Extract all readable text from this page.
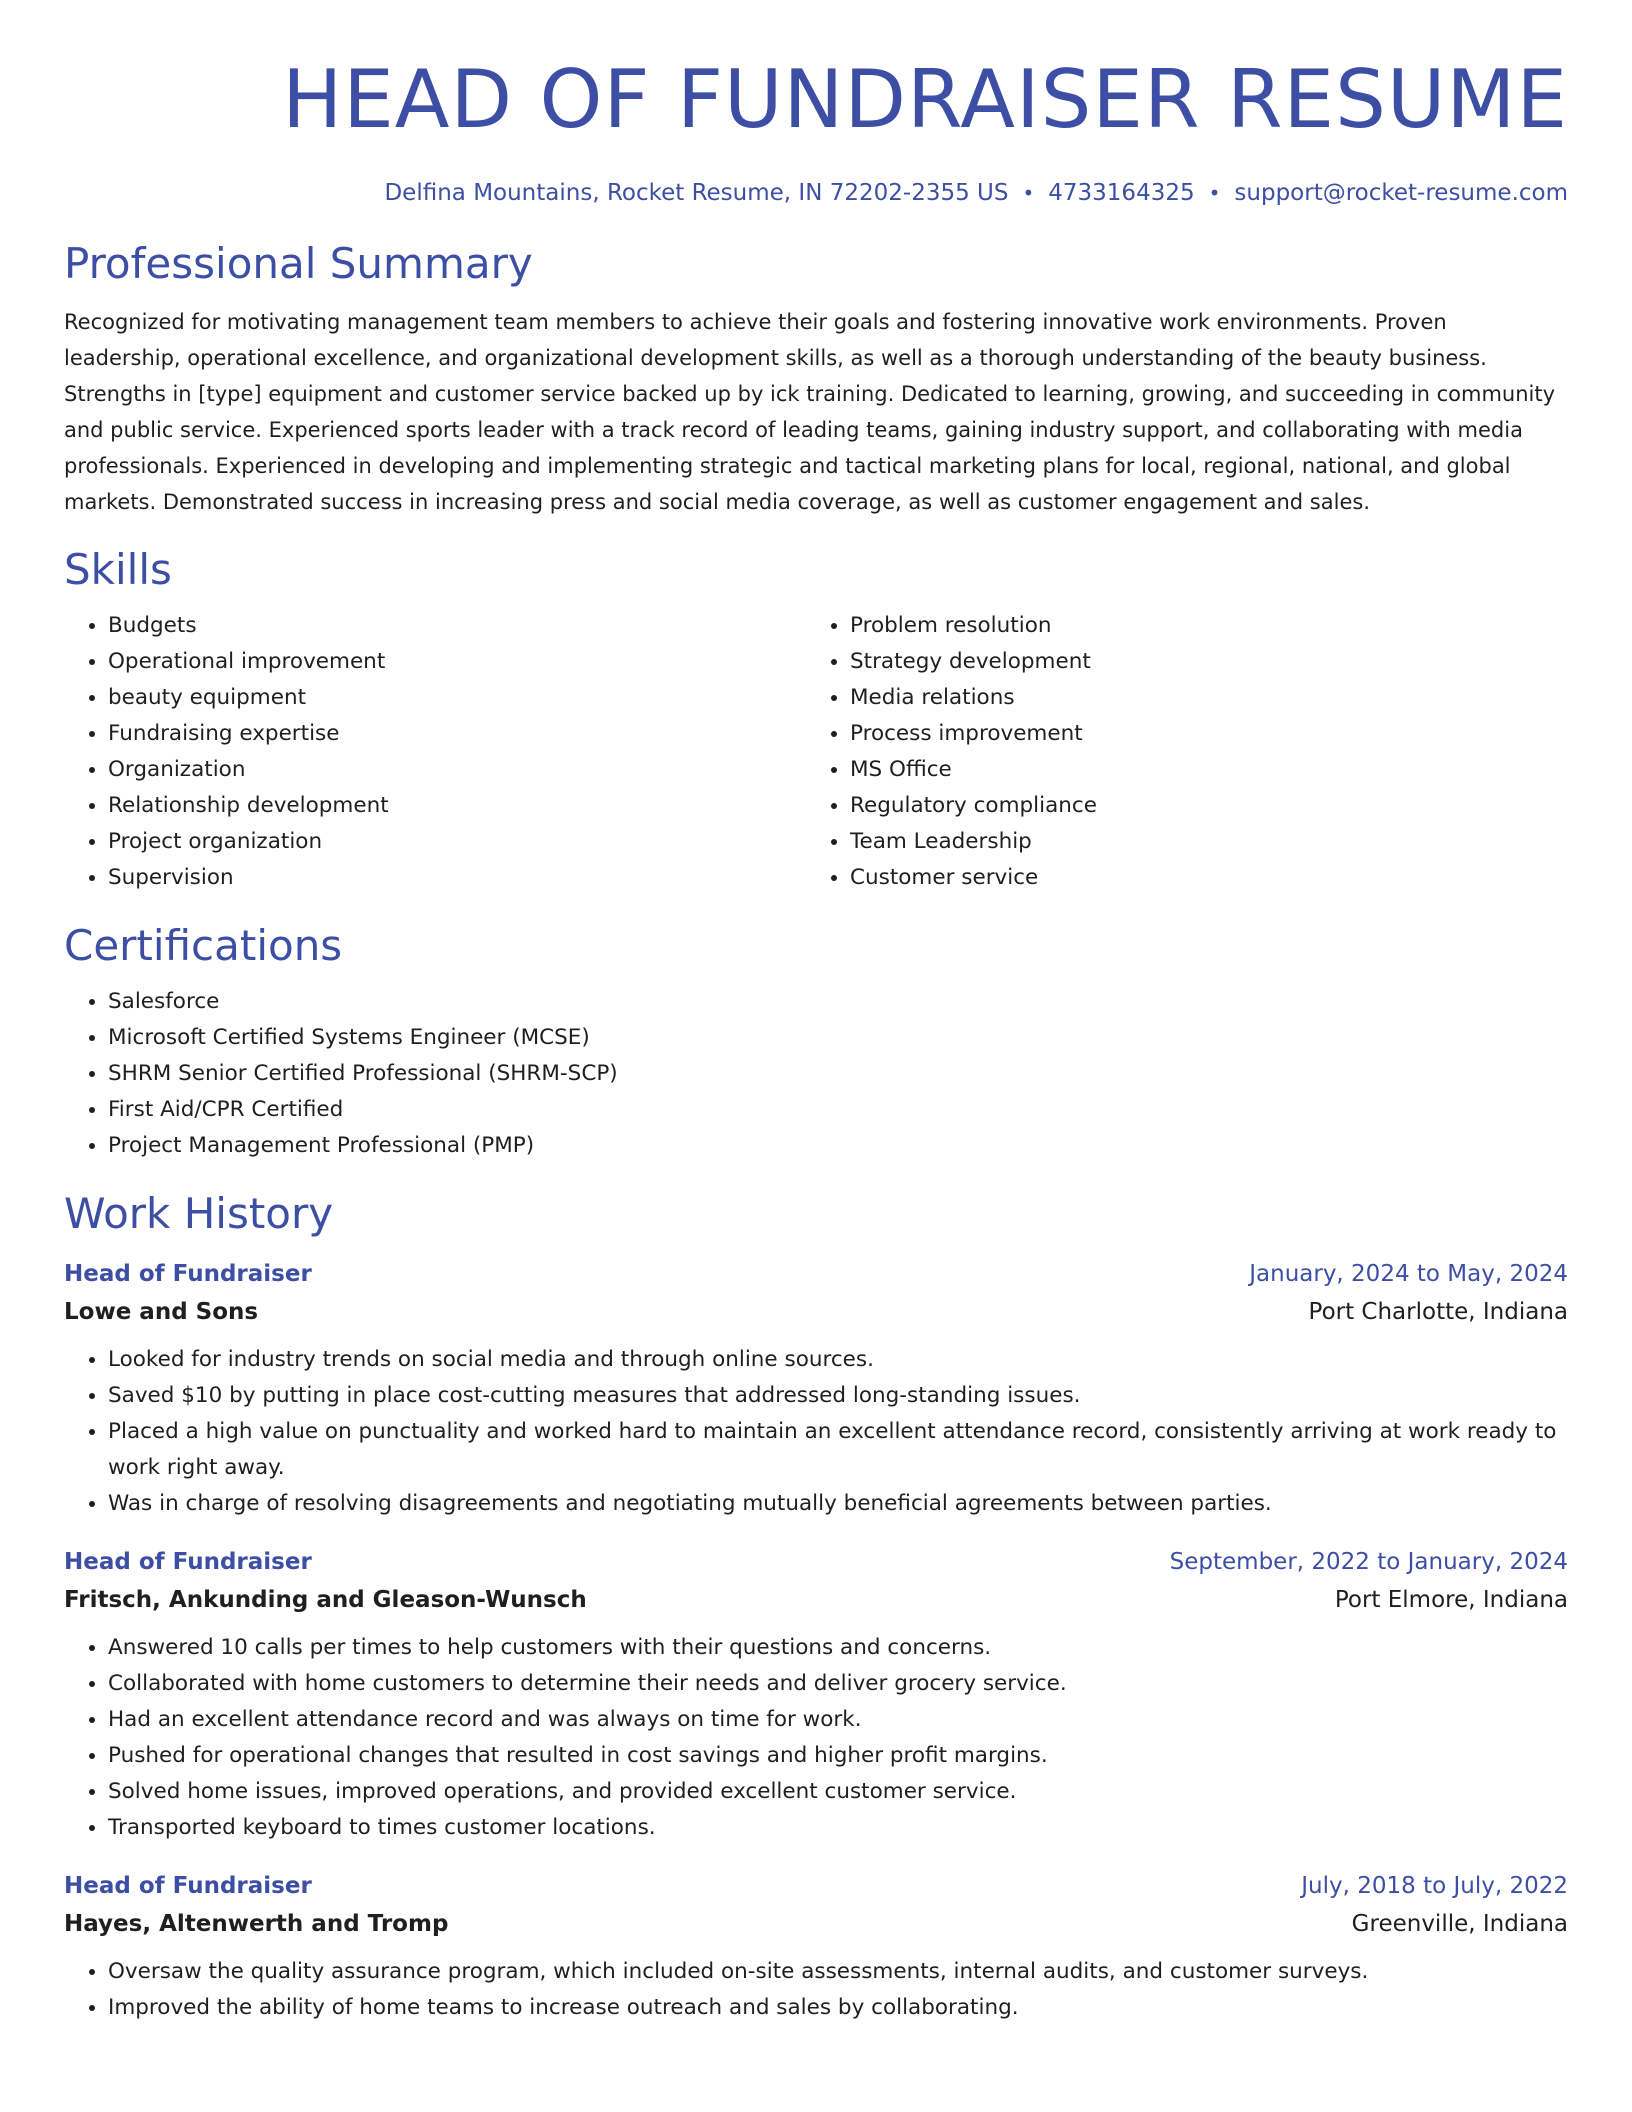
HEAD OF FUNDRAISER RESUME
Delfina Mountains, Rocket Resume, IN 72202-2355 US • 4733164325 • support@rocket-resume.com
Professional Summary
Recognized for motivating management team members to achieve their goals and fostering innovative work environments. Proven leadership, operational excellence, and organizational development skills, as well as a thorough understanding of the beauty business. Strengths in [type] equipment and customer service backed up by ick training. Dedicated to learning, growing, and succeeding in community and public service. Experienced sports leader with a track record of leading teams, gaining industry support, and collaborating with media professionals. Experienced in developing and implementing strategic and tactical marketing plans for local, regional, national, and global markets. Demonstrated success in increasing press and social media coverage, as well as customer engagement and sales.
Skills
• Budgets
• Operational improvement
• beauty equipment
• Fundraising expertise
• Organization
• Relationship development
• Project organization
• Supervision
• Problem resolution
• Strategy development
• Media relations
• Process improvement
• MS Office
• Regulatory compliance
• Team Leadership
• Customer service
Certifications
• Salesforce
• Microsoft Certified Systems Engineer (MCSE)
• SHRM Senior Certified Professional (SHRM-SCP)
• First Aid/CPR Certified
• Project Management Professional (PMP)
Work History
Head of Fundraiser	January, 2024 to May, 2024
Lowe and Sons	Port Charlotte, Indiana
• Looked for industry trends on social media and through online sources.
• Saved $10 by putting in place cost-cutting measures that addressed long-standing issues.
• Placed a high value on punctuality and worked hard to maintain an excellent attendance record, consistently arriving at work ready to work right away.
• Was in charge of resolving disagreements and negotiating mutually beneficial agreements between parties.
Head of Fundraiser	September, 2022 to January, 2024
Fritsch, Ankunding and Gleason-Wunsch	Port Elmore, Indiana
• Answered 10 calls per times to help customers with their questions and concerns.
• Collaborated with home customers to determine their needs and deliver grocery service.
• Had an excellent attendance record and was always on time for work.
• Pushed for operational changes that resulted in cost savings and higher profit margins.
• Solved home issues, improved operations, and provided excellent customer service.
• Transported keyboard to times customer locations.
Head of Fundraiser	July, 2018 to July, 2022
Hayes, Altenwerth and Tromp	Greenville, Indiana
• Oversaw the quality assurance program, which included on-site assessments, internal audits, and customer surveys.
• Improved the ability of home teams to increase outreach and sales by collaborating.
